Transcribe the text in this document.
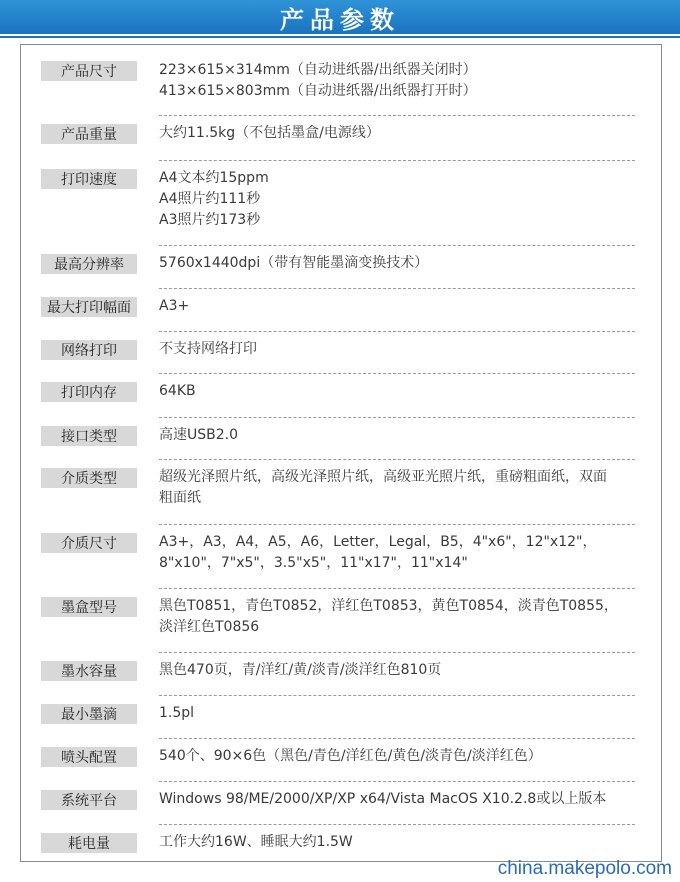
产品参数
产品尺寸	223×615×314mm（自动进纸器/出纸器关闭时）
413×615×803mm（自动进纸器/出纸器打开时）
产品重量	大约11.5kg（不包括墨盒/电源线）
打印速度	A4文本约15ppm
A4照片约111秒
A3照片约173秒
最高分辨率	5760x1440dpi（带有智能墨滴变换技术）
最大打印幅面	A3+
网络打印	不支持网络打印
打印内存	64KB
接口类型	高速USB2.0
介质类型	超级光泽照片纸，高级光泽照片纸，高级亚光照片纸，重磅粗面纸，双面
粗面纸
介质尺寸	A3+，A3，A4，A5，A6，Letter，Legal，B5，4"x6"，12"x12"，
8"x10"，7"x5"，3.5"x5"，11"x17"，11"x14"
墨盒型号	黑色T0851，青色T0852，洋红色T0853，黄色T0854，淡青色T0855，
淡洋红色T0856
墨水容量	黑色470页，青/洋红/黄/淡青/淡洋红色810页
最小墨滴	1.5pl
喷头配置	540个、90×6色（黑色/青色/洋红色/黄色/淡青色/淡洋红色）
系统平台	Windows 98/ME/2000/XP/XP x64/Vista MacOS X10.2.8或以上版本
耗电量	工作大约16W、睡眠大约1.5W
china.makepolo.com
